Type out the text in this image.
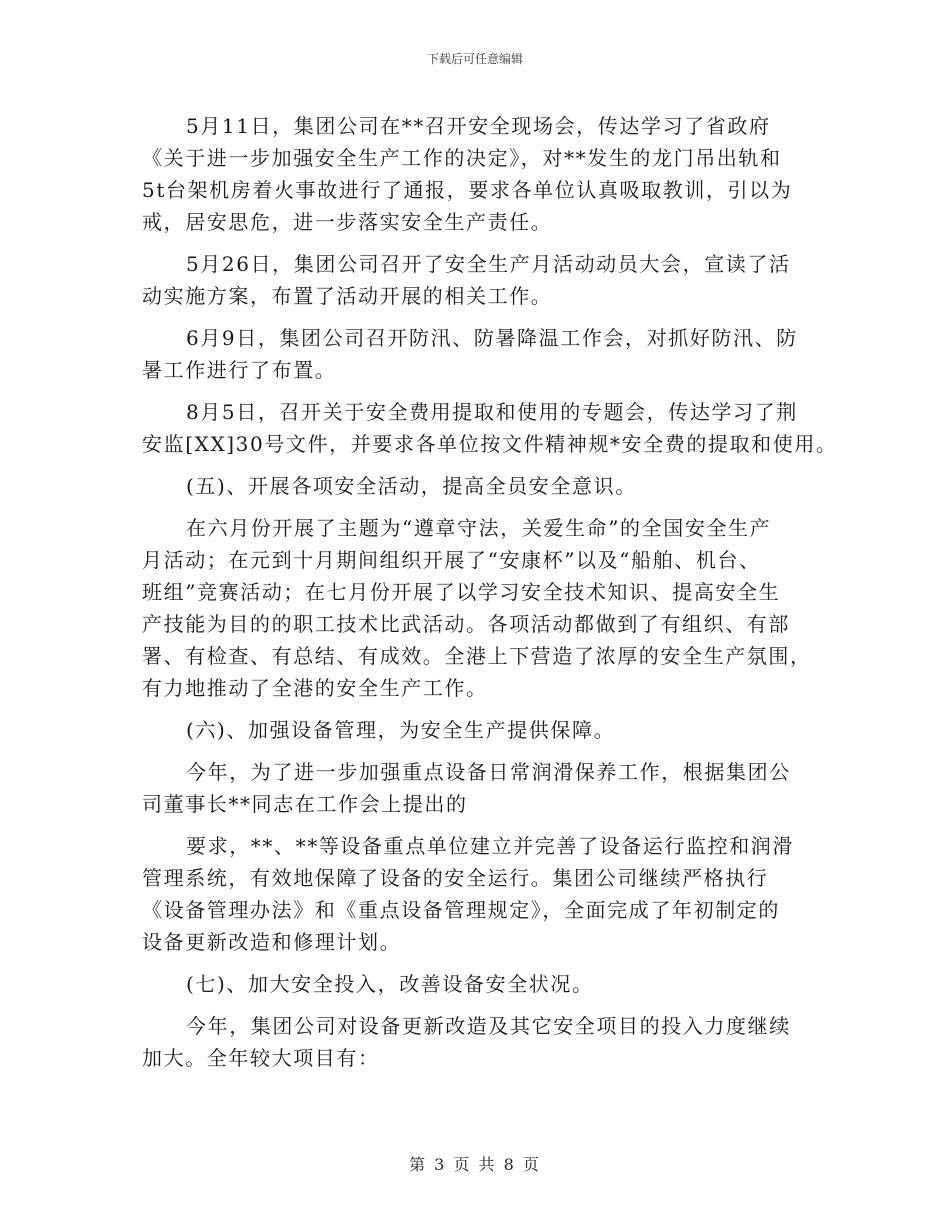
下载后可任意编辑

5月11日，集团公司在**召开安全现场会，传达学习了省政府
《关于进一步加强安全生产工作的决定》，对**发生的龙门吊出轨和
5t台架机房着火事故进行了通报，要求各单位认真吸取教训，引以为
戒，居安思危，进一步落实安全生产责任。

5月26日，集团公司召开了安全生产月活动动员大会，宣读了活
动实施方案，布置了活动开展的相关工作。

6月9日，集团公司召开防汛、防暑降温工作会，对抓好防汛、防
暑工作进行了布置。

8月5日，召开关于安全费用提取和使用的专题会，传达学习了荆
安监[XX]30号文件，并要求各单位按文件精神规*安全费的提取和使用。

(五)、开展各项安全活动，提高全员安全意识。

在六月份开展了主题为“遵章守法，关爱生命”的全国安全生产
月活动；在元到十月期间组织开展了“安康杯”以及“船舶、机台、
班组”竞赛活动；在七月份开展了以学习安全技术知识、提高安全生
产技能为目的的职工技术比武活动。各项活动都做到了有组织、有部
署、有检查、有总结、有成效。全港上下营造了浓厚的安全生产氛围，
有力地推动了全港的安全生产工作。

(六)、加强设备管理，为安全生产提供保障。

今年，为了进一步加强重点设备日常润滑保养工作，根据集团公
司董事长**同志在工作会上提出的

要求，**、**等设备重点单位建立并完善了设备运行监控和润滑
管理系统，有效地保障了设备的安全运行。集团公司继续严格执行
《设备管理办法》和《重点设备管理规定》，全面完成了年初制定的
设备更新改造和修理计划。

(七)、加大安全投入，改善设备安全状况。

今年，集团公司对设备更新改造及其它安全项目的投入力度继续
加大。全年较大项目有：

第 3 页 共 8 页
